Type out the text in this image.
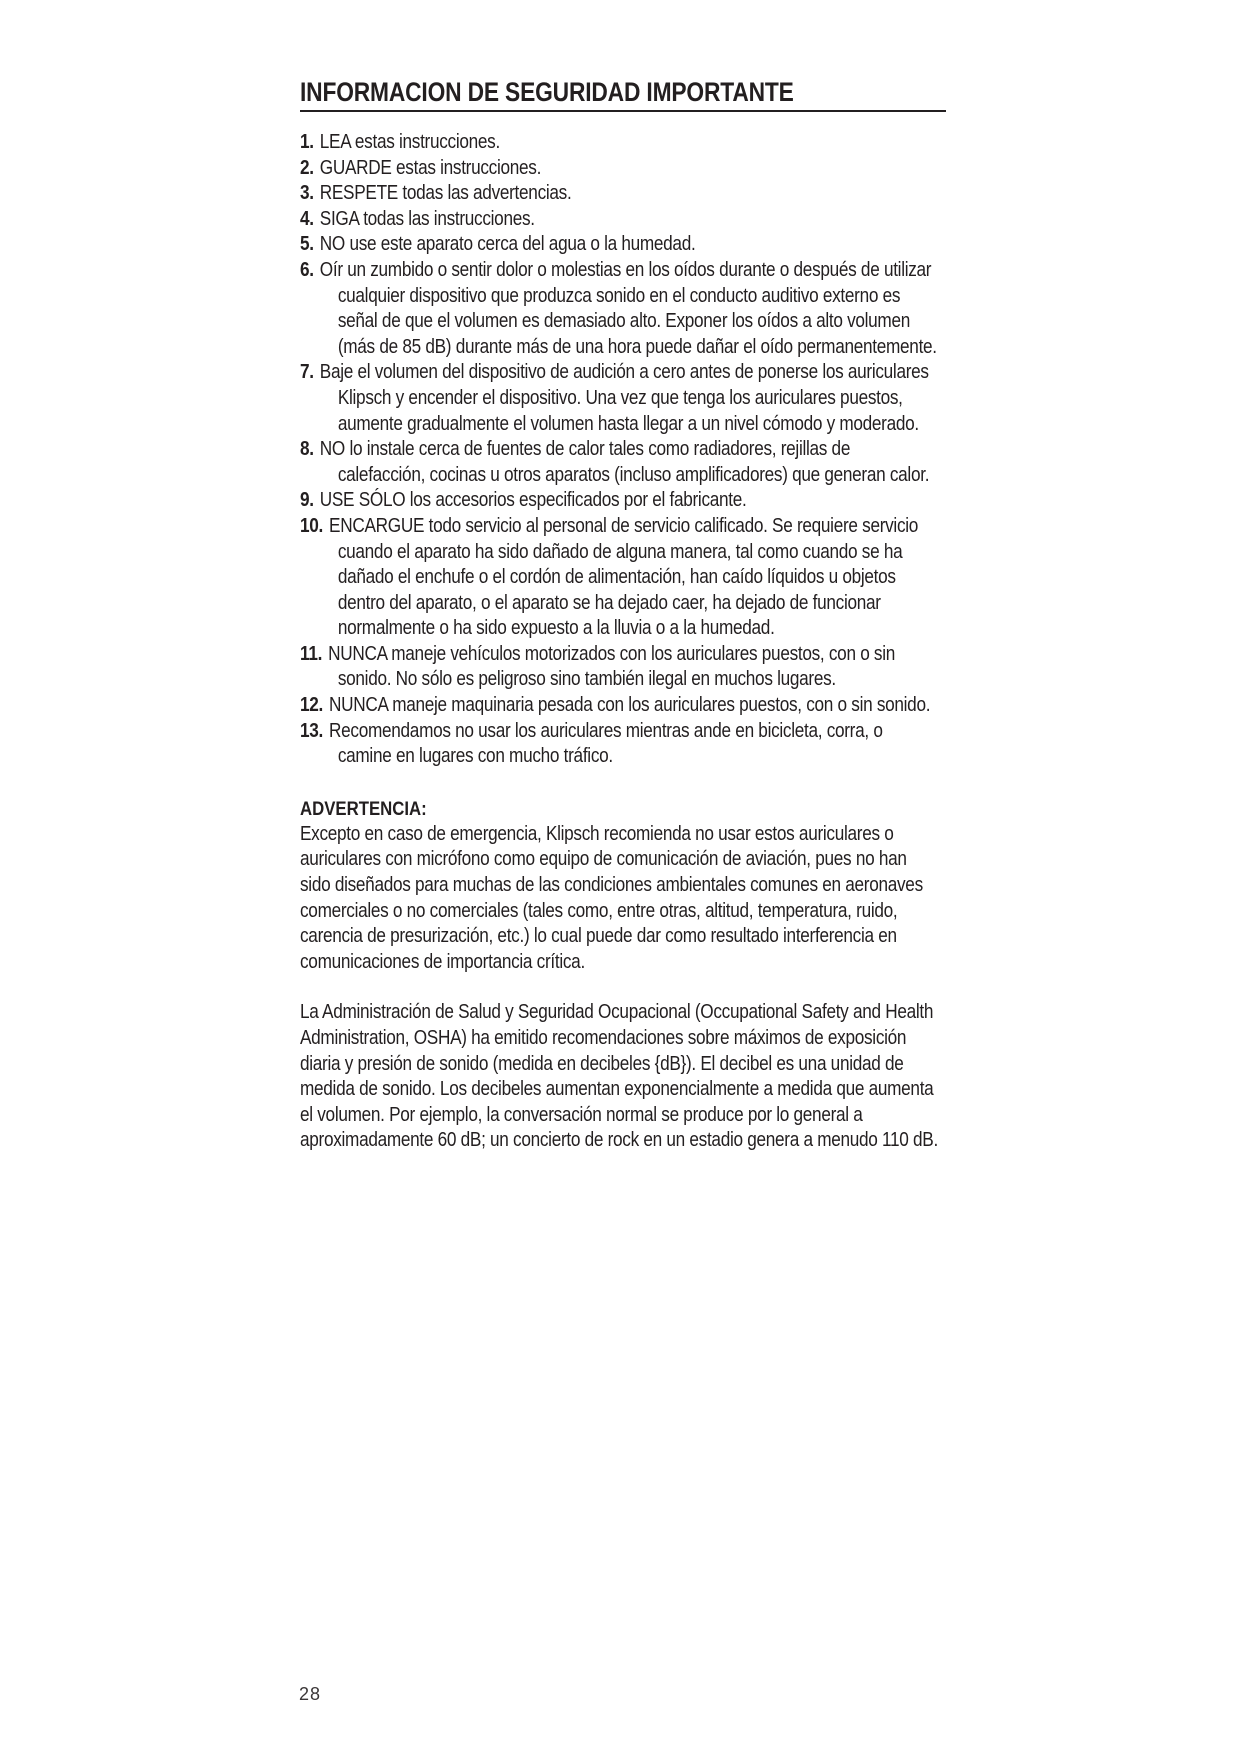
INFORMACION DE SEGURIDAD IMPORTANTE
1. LEA estas instrucciones.
2. GUARDE estas instrucciones.
3. RESPETE todas las advertencias.
4. SIGA todas las instrucciones.
5. NO use este aparato cerca del agua o la humedad.
6. Oír un zumbido o sentir dolor o molestias en los oídos durante o después de utilizar cualquier dispositivo que produzca sonido en el conducto auditivo externo es señal de que el volumen es demasiado alto. Exponer los oídos a alto volumen (más de 85 dB) durante más de una hora puede dañar el oído permanentemente.
7. Baje el volumen del dispositivo de audición a cero antes de ponerse los auriculares Klipsch y encender el dispositivo. Una vez que tenga los auriculares puestos, aumente gradualmente el volumen hasta llegar a un nivel cómodo y moderado.
8. NO lo instale cerca de fuentes de calor tales como radiadores, rejillas de calefacción, cocinas u otros aparatos (incluso amplificadores) que generan calor.
9. USE SÓLO los accesorios especificados por el fabricante.
10. ENCARGUE todo servicio al personal de servicio calificado. Se requiere servicio cuando el aparato ha sido dañado de alguna manera, tal como cuando se ha dañado el enchufe o el cordón de alimentación, han caído líquidos u objetos dentro del aparato, o el aparato se ha dejado caer, ha dejado de funcionar normalmente o ha sido expuesto a la lluvia o a la humedad.
11. NUNCA maneje vehículos motorizados con los auriculares puestos, con o sin sonido. No sólo es peligroso sino también ilegal en muchos lugares.
12. NUNCA maneje maquinaria pesada con los auriculares puestos, con o sin sonido.
13. Recomendamos no usar los auriculares mientras ande en bicicleta, corra, o camine en lugares con mucho tráfico.
ADVERTENCIA:

Excepto en caso de emergencia, Klipsch recomienda no usar estos auriculares o auriculares con micrófono como equipo de comunicación de aviación, pues no han sido diseñados para muchas de las condiciones ambientales comunes en aeronaves comerciales o no comerciales (tales como, entre otras, altitud, temperatura, ruido, carencia de presurización, etc.) lo cual puede dar como resultado interferencia en comunicaciones de importancia crítica.

La Administración de Salud y Seguridad Ocupacional (Occupational Safety and Health Administration, OSHA) ha emitido recomendaciones sobre máximos de exposición diaria y presión de sonido (medida en decibeles {dB}). El decibel es una unidad de medida de sonido. Los decibeles aumentan exponencialmente a medida que aumenta el volumen. Por ejemplo, la conversación normal se produce por lo general a aproximadamente 60 dB; un concierto de rock en un estadio genera a menudo 110 dB.

28
